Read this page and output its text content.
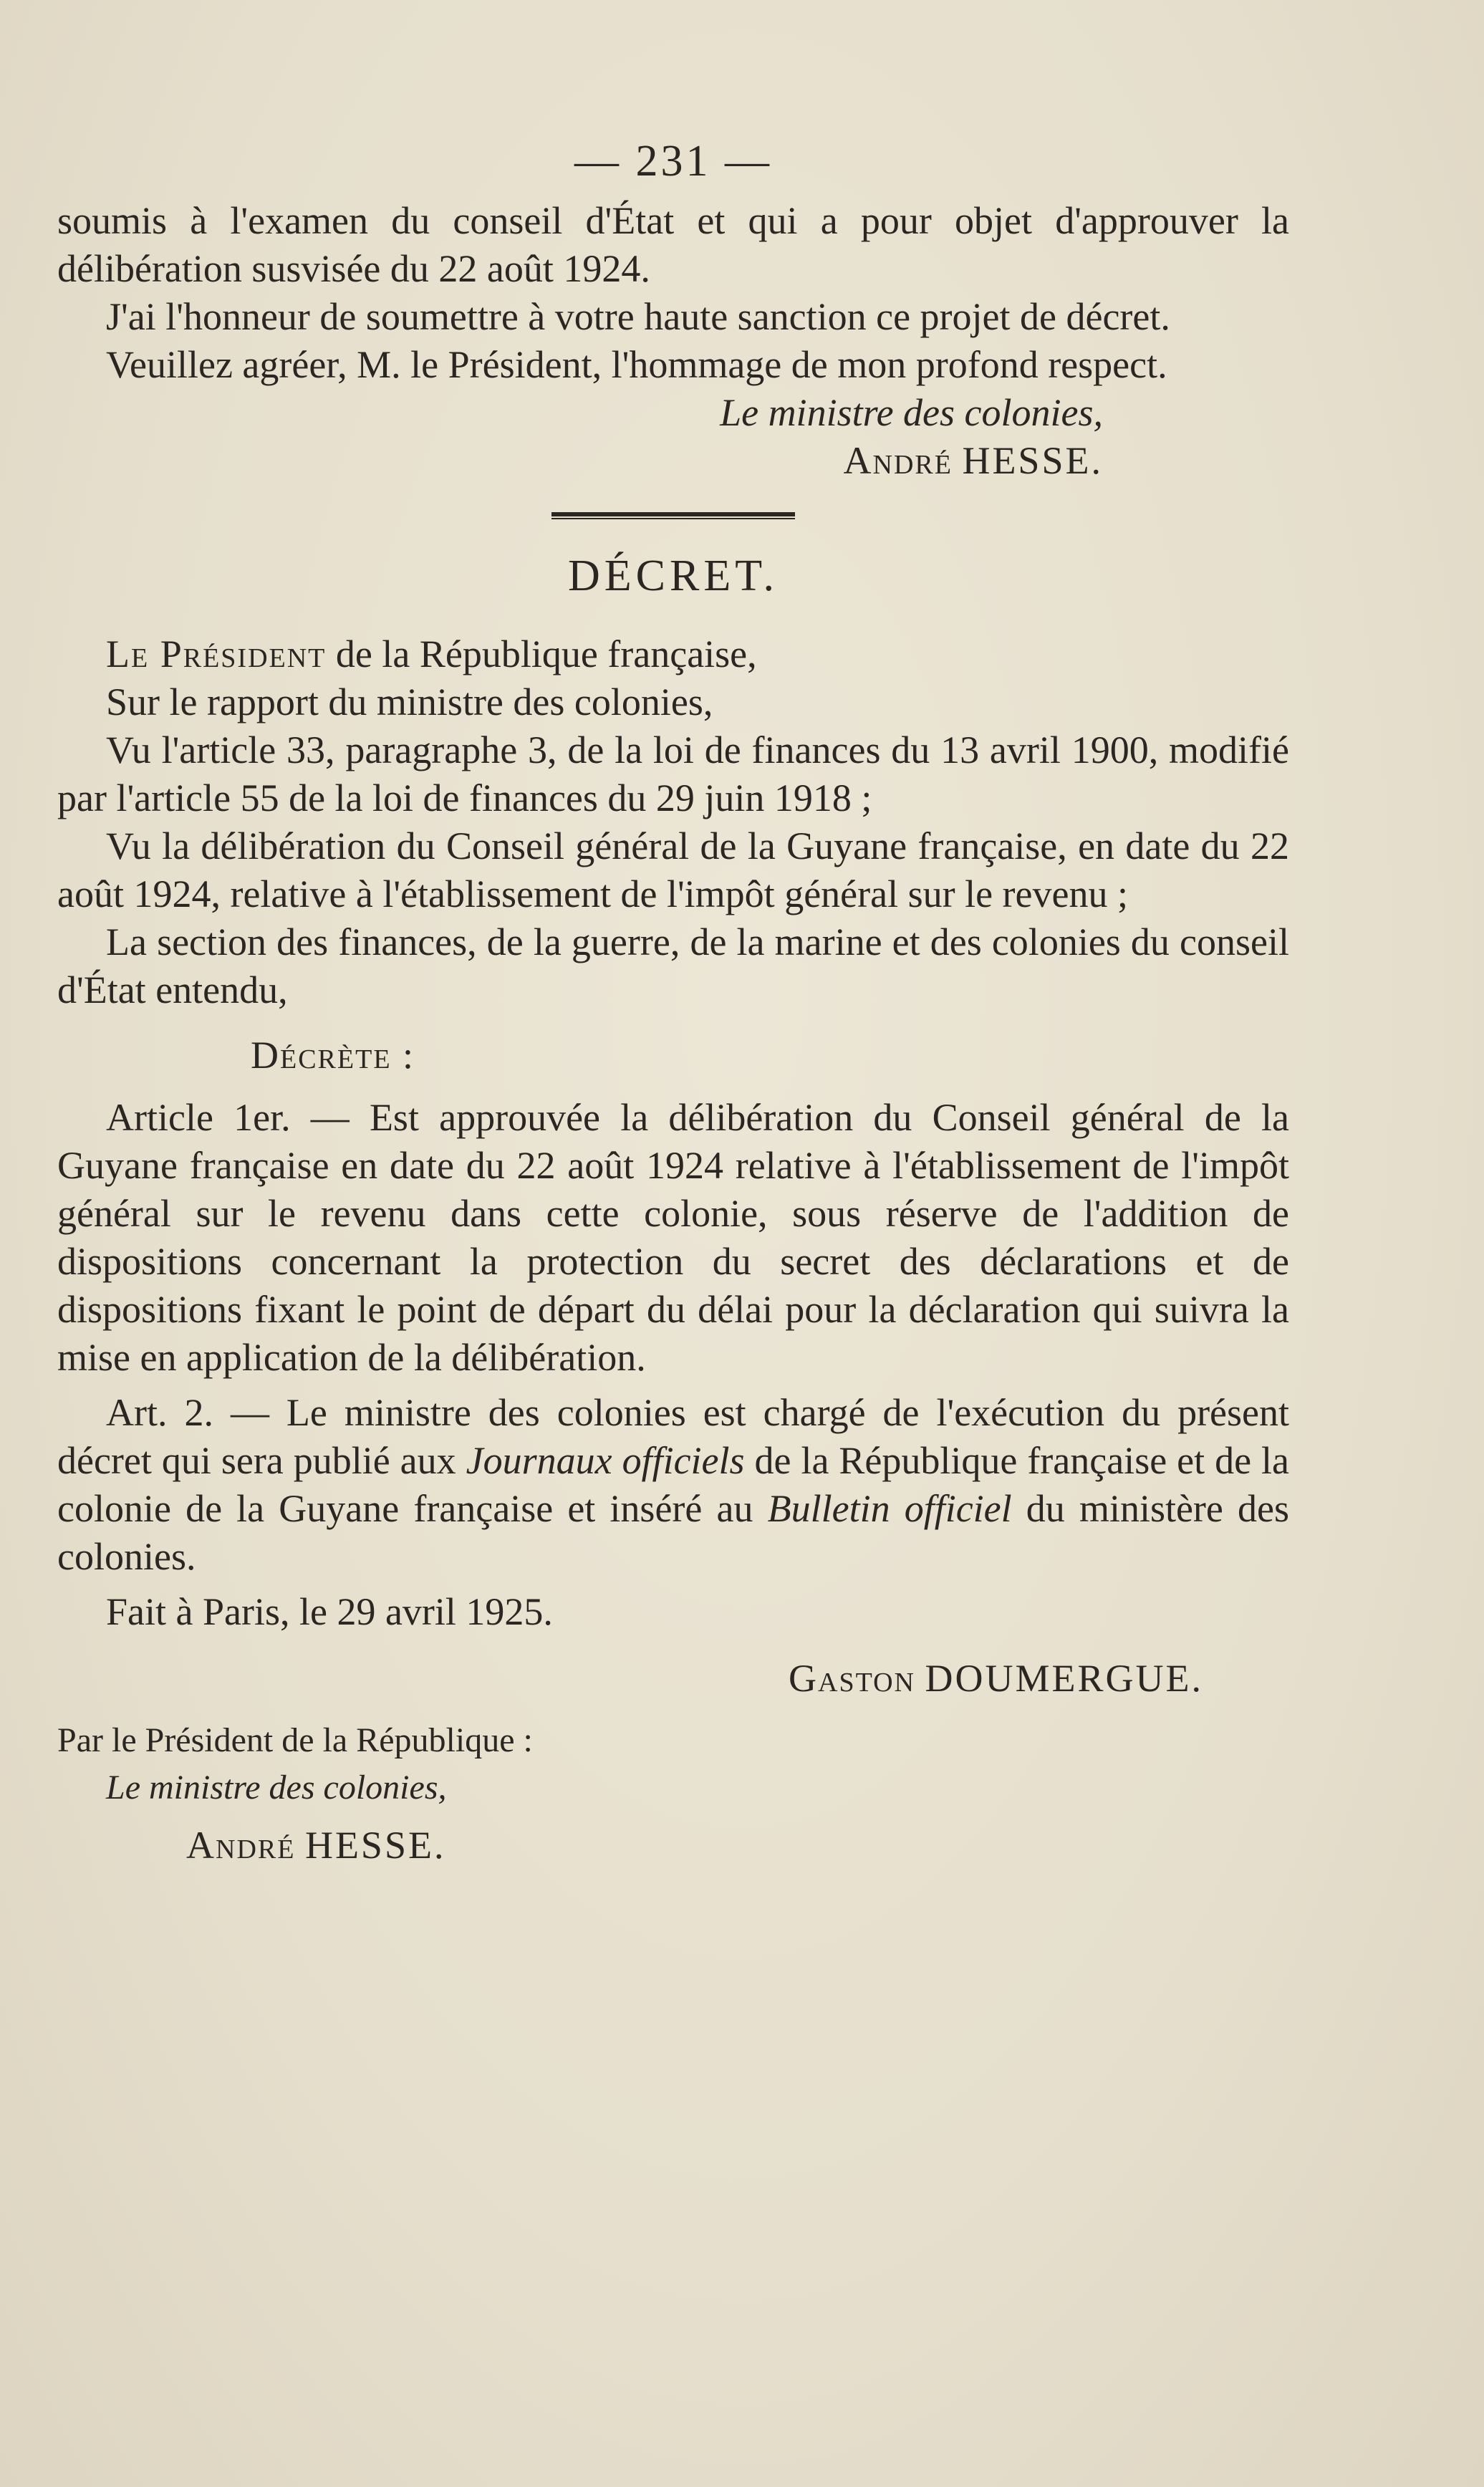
— 231 —

soumis à l'examen du conseil d'État et qui a pour objet d'approuver la délibération susvisée du 22 août 1924.

J'ai l'honneur de soumettre à votre haute sanction ce projet de décret.

Veuillez agréer, M. le Président, l'hommage de mon profond respect.

Le ministre des colonies,

André HESSE.

DÉCRET.

Le Président de la République française,

Sur le rapport du ministre des colonies,

Vu l'article 33, paragraphe 3, de la loi de finances du 13 avril 1900, modifié par l'article 55 de la loi de finances du 29 juin 1918 ;

Vu la délibération du Conseil général de la Guyane française, en date du 22 août 1924, relative à l'établissement de l'impôt général sur le revenu ;

La section des finances, de la guerre, de la marine et des colonies du conseil d'État entendu,

Décrète :

Article 1er. — Est approuvée la délibération du Conseil général de la Guyane française en date du 22 août 1924 relative à l'établissement de l'impôt général sur le revenu dans cette colonie, sous réserve de l'addition de dispositions concernant la protection du secret des déclarations et de dispositions fixant le point de départ du délai pour la déclaration qui suivra la mise en application de la délibération.

Art. 2. — Le ministre des colonies est chargé de l'exécution du présent décret qui sera publié aux Journaux officiels de la République française et de la colonie de la Guyane française et inséré au Bulletin officiel du ministère des colonies.

Fait à Paris, le 29 avril 1925.

Gaston DOUMERGUE.

Par le Président de la République :

Le ministre des colonies,

André HESSE.
